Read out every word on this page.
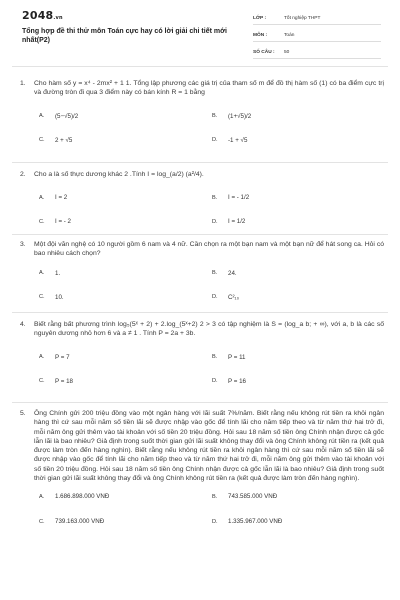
2048.vn
Tổng hợp đề thi thử môn Toán cực hay có lời giải chi tiết mới nhất(P2)
LỚP :	Tốt nghiệp THPT
MÔN :	Toán
SỐ CÂU :	50
1.	Cho hàm số y = x⁴ - 2mx² + 1 1. Tổng lập phương các giá trị của tham số m để đồ thị hàm số (1) có ba điểm cực trị và đường tròn đi qua 3 điểm này có bán kính R = 1 bằng
A.	(5−√5)/2	B.	(1+√5)/2
C.	2 + √5	D.	-1 + √5
2.	Cho a là số thực dương khác 2 .Tính I = log_(a/2) (a²/4).
A.	I = 2	B.	I = - 1/2
C.	I = - 2	D.	I = 1/2
3.	Một đội văn nghệ có 10 người gồm 6 nam và 4 nữ. Cần chọn ra một bạn nam và một bạn nữ để hát song ca. Hỏi có bao nhiêu cách chọn?
A.	1.	B.	24.
C.	10.	D.	C²₁₀
4.	Biết rằng bất phương trình log₅(5ˣ + 2) + 2.log_(5ˣ+2) 2 > 3 có tập nghiệm là S = (log_a b; + ∞), với a, b là các số nguyên dương nhỏ hơn 6 và a ≠ 1 . Tính P = 2a + 3b.
A.	P = 7	B.	P = 11
C.	P = 18	D.	P = 16
5.	Ông Chính gửi 200 triệu đồng vào một ngân hàng với lãi suất 7%/năm. Biết rằng nếu không rút tiền ra khỏi ngân hàng thì cứ sau mỗi năm số tiền lãi sẽ được nhập vào gốc để tính lãi cho năm tiếp theo và từ năm thứ hai trở đi, mỗi năm ông gửi thêm vào tài khoản với số tiền 20 triệu đồng. Hỏi sau 18 năm số tiền ông Chính nhận được cả gốc lẫn lãi là bao nhiêu? Giả định trong suốt thời gian gửi lãi suất không thay đổi và ông Chính không rút tiền ra (kết quả được làm tròn đến hàng nghìn). Biết rằng nếu không rút tiền ra khỏi ngân hàng thì cứ sau mỗi năm số tiền lãi sẽ được nhập vào gốc để tính lãi cho năm tiếp theo và từ năm thứ hai trở đi, mỗi năm ông gửi thêm vào tài khoản với số tiền 20 triệu đồng. Hỏi sau 18 năm số tiền ông Chính nhận được cả gốc lẫn lãi là bao nhiêu? Giả định trong suốt thời gian gửi lãi suất không thay đổi và ông Chính không rút tiền ra (kết quả được làm tròn đến hàng nghìn).
A.	1.686.898.000 VNĐ	B.	743.585.000 VNĐ
C.	739.163.000 VNĐ	D.	1.335.967.000 VNĐ
